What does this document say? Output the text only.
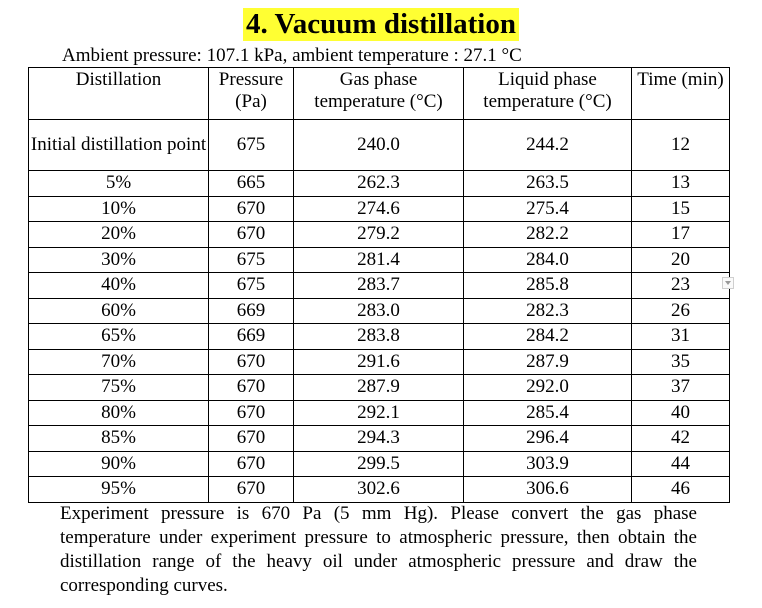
4. Vacuum distillation
Ambient pressure: 107.1 kPa, ambient temperature : 27.1 °C
Distillation	Pressure (Pa)	Gas phase temperature (°C)	Liquid phase temperature (°C)	Time (min)
Initial distillation point	675	240.0	244.2	12
5%	665	262.3	263.5	13
10%	670	274.6	275.4	15
20%	670	279.2	282.2	17
30%	675	281.4	284.0	20
40%	675	283.7	285.8	23
60%	669	283.0	282.3	26
65%	669	283.8	284.2	31
70%	670	291.6	287.9	35
75%	670	287.9	292.0	37
80%	670	292.1	285.4	40
85%	670	294.3	296.4	42
90%	670	299.5	303.9	44
95%	670	302.6	306.6	46
Experiment pressure is 670 Pa (5 mm Hg). Please convert the gas phase temperature under experiment pressure to atmospheric pressure, then obtain the distillation range of the heavy oil under atmospheric pressure and draw the corresponding curves.
